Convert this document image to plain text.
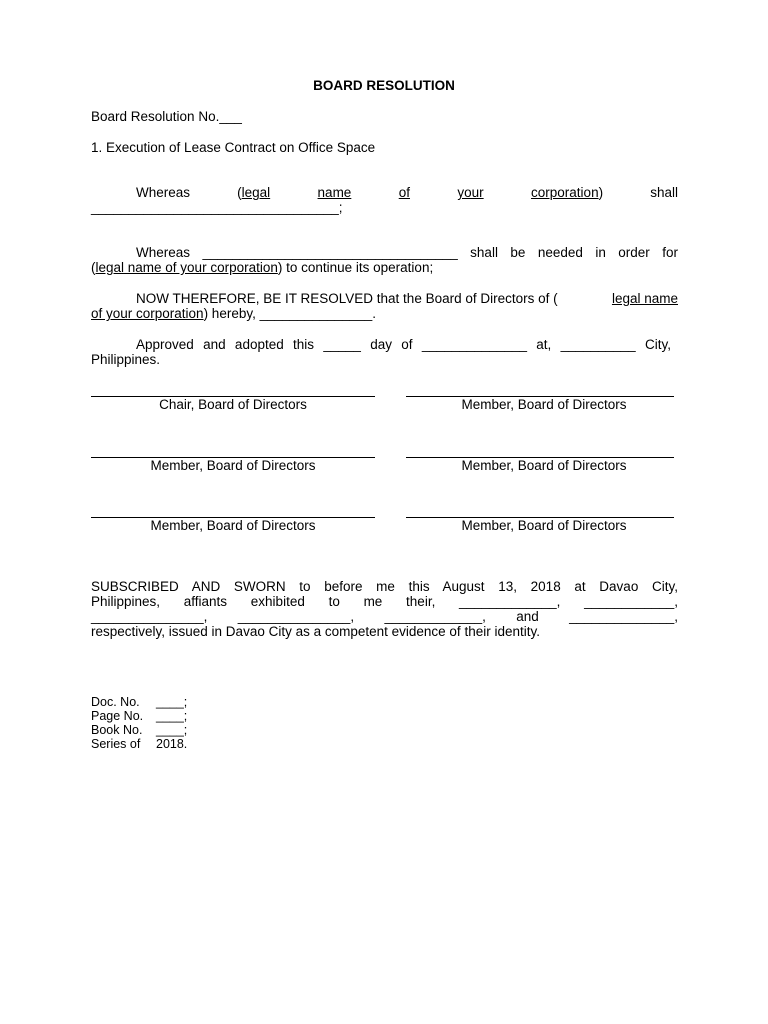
BOARD RESOLUTION
Board Resolution No.___
1. Execution of Lease Contract on Office Space
Whereas	(legal	name	of	your	corporation)	shall
_________________________________;
Whereas __________________________________ shall be needed in order for
(legal name of your corporation) to continue its operation;
NOW THEREFORE, BE IT RESOLVED that the Board of Directors of (	legal name
of your corporation) hereby, _______________.
Approved and adopted this _____ day of ______________ at, __________ City,
Philippines.
Chair, Board of Directors	Member, Board of Directors
Member, Board of Directors	Member, Board of Directors
Member, Board of Directors	Member, Board of Directors
SUBSCRIBED AND SWORN to before me this August 13, 2018 at Davao City,
Philippines, affiants exhibited to me their, _____________, ____________,
_______________, _______________, _____________, and ______________,
respectively, issued in Davao City as a competent evidence of their identity.
Doc. No. ____;
Page No. ____;
Book No. ____;
Series of 2018.
